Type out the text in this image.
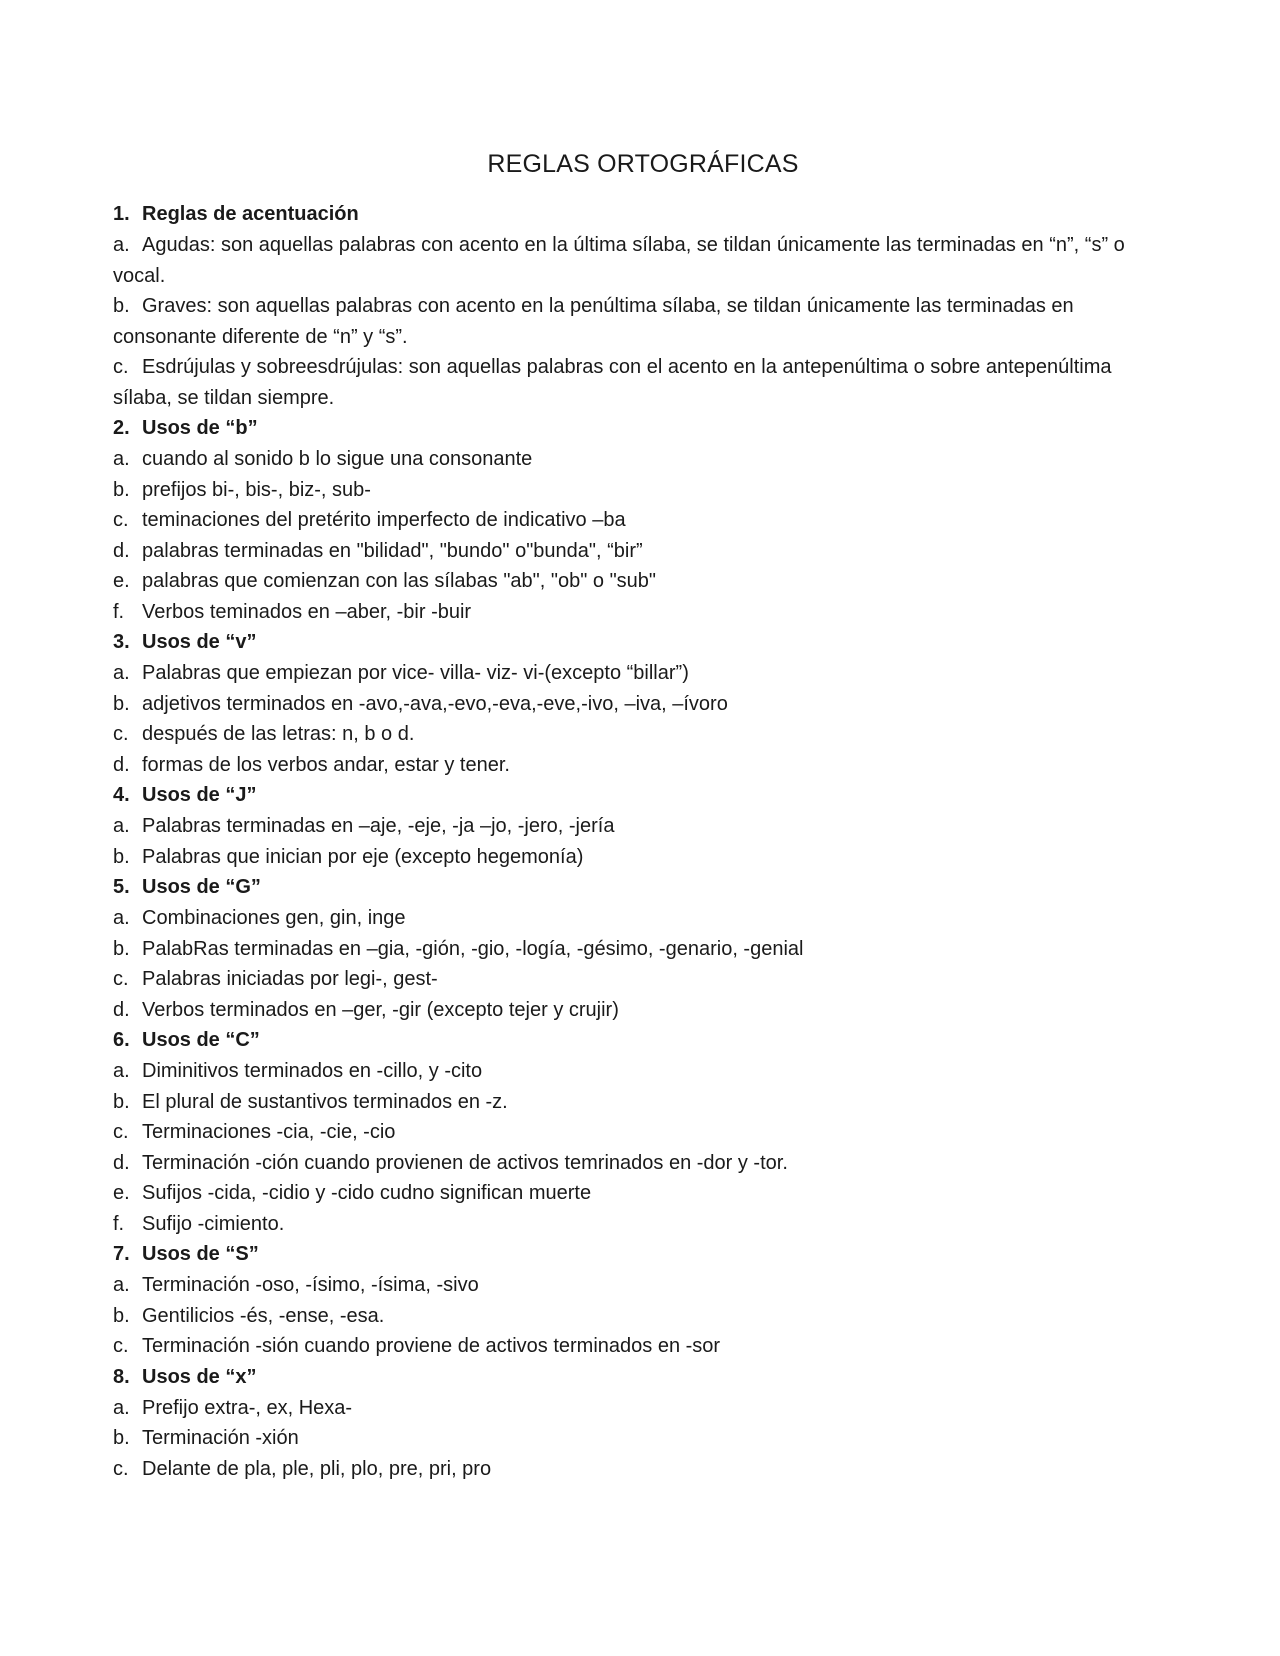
REGLAS ORTOGRÁFICAS
1. Reglas de acentuación
a. Agudas: son aquellas palabras con acento en la última sílaba, se tildan únicamente las terminadas en “n”, “s” o vocal.
b. Graves: son aquellas palabras con acento en la penúltima sílaba, se tildan únicamente las terminadas en consonante diferente de “n” y “s”.
c. Esdrújulas y sobreesdrújulas: son aquellas palabras con el acento en la antepenúltima o sobre antepenúltima sílaba, se tildan siempre.
2. Usos de “b”
a. cuando al sonido b lo sigue una consonante
b. prefijos bi-, bis-, biz-, sub-
c. teminaciones del pretérito imperfecto de indicativo –ba
d. palabras terminadas en "bilidad", "bundo" o"bunda", “bir”
e. palabras que comienzan con las sílabas "ab", "ob" o "sub"
f. Verbos teminados en –aber, -bir -buir
3. Usos de “v”
a. Palabras que empiezan por vice- villa- viz- vi-(excepto “billar”)
b. adjetivos terminados en -avo,-ava,-evo,-eva,-eve,-ivo, –iva, –ívoro
c. después de las letras: n, b o d.
d. formas de los verbos andar, estar y tener.
4. Usos de “J”
a. Palabras terminadas en –aje, -eje, -ja –jo, -jero, -jería
b. Palabras que inician por eje (excepto hegemonía)
5. Usos de “G”
a. Combinaciones gen, gin, inge
b. PalabRas terminadas en –gia, -gión, -gio, -logía, -gésimo, -genario, -genial
c. Palabras iniciadas por legi-, gest-
d. Verbos terminados en –ger, -gir (excepto tejer y crujir)
6. Usos de “C”
a. Diminitivos terminados en -cillo, y -cito
b. El plural de sustantivos terminados en -z.
c. Terminaciones -cia, -cie, -cio
d. Terminación -ción cuando provienen de activos temrinados en -dor y -tor.
e. Sufijos -cida, -cidio y -cido cudno significan muerte
f. Sufijo -cimiento.
7. Usos de “S”
a. Terminación -oso, -ísimo, -ísima, -sivo
b. Gentilicios -és, -ense, -esa.
c. Terminación -sión cuando proviene de activos terminados en -sor
8. Usos de “x”
a. Prefijo extra-, ex, Hexa-
b. Terminación -xión
c. Delante de pla, ple, pli, plo, pre, pri, pro
